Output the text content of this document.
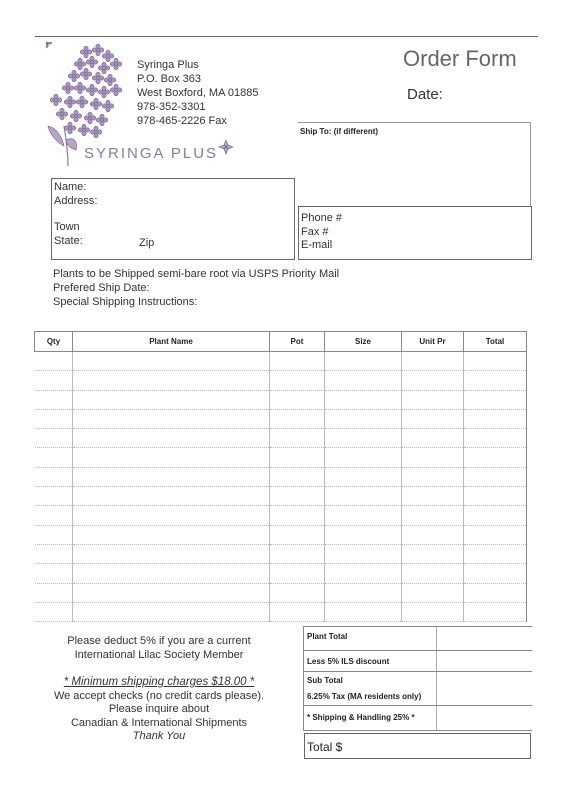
Syringa Plus
P.O. Box 363
West Boxford, MA 01885
978-352-3301
978-465-2226 Fax
SYRINGA PLUS
Order Form
Date:
Ship To: (if different)
Phone #
Fax #
E-mail
Name:
Address:
Town
State:	Zip
Plants to be Shipped semi-bare root via USPS Priority Mail
Prefered Ship Date:
Special Shipping Instructions:
Qty	Plant Name	Pot	Size	Unit Pr	Total

Please deduct 5% if you are a current
International Lilac Society Member
* Minimum shipping charges $18.00 *
We accept checks (no credit cards please).
Please inquire about
Canadian & International Shipments
Thank You
Plant Total
Less 5% ILS discount
Sub Total
6.25% Tax (MA residents only)
* Shipping & Handling 25% *
Total $
